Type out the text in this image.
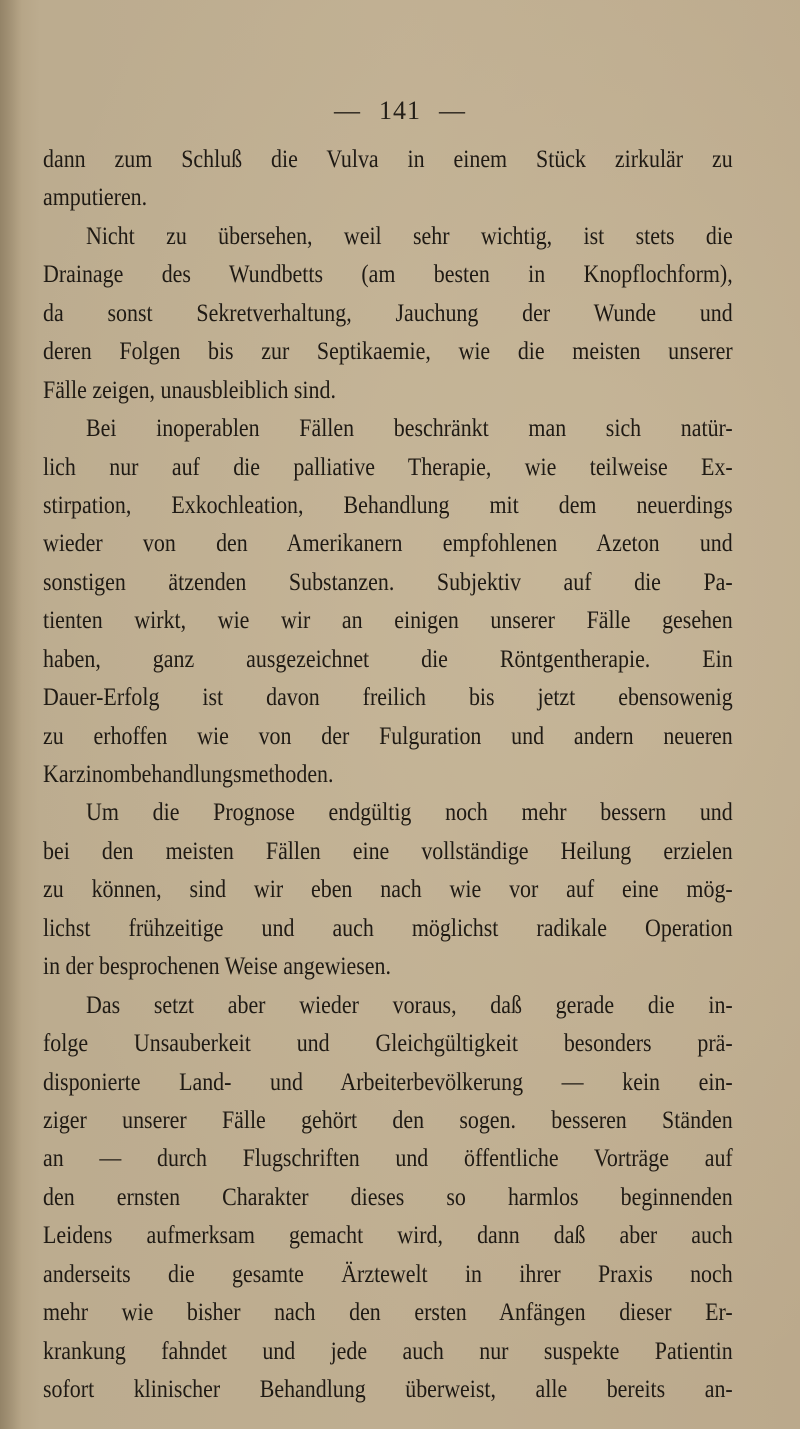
— 141 —
dann zum Schluß die Vulva in einem Stück zirkulär zu
amputieren.
Nicht zu übersehen, weil sehr wichtig, ist stets die
Drainage des Wundbetts (am besten in Knopflochform),
da sonst Sekretverhaltung, Jauchung der Wunde und
deren Folgen bis zur Septikaemie, wie die meisten unserer
Fälle zeigen, unausbleiblich sind.
Bei inoperablen Fällen beschränkt man sich natür-
lich nur auf die palliative Therapie, wie teilweise Ex-
stirpation, Exkochleation, Behandlung mit dem neuerdings
wieder von den Amerikanern empfohlenen Azeton und
sonstigen ätzenden Substanzen. Subjektiv auf die Pa-
tienten wirkt, wie wir an einigen unserer Fälle gesehen
haben, ganz ausgezeichnet die Röntgentherapie. Ein
Dauer-Erfolg ist davon freilich bis jetzt ebensowenig
zu erhoffen wie von der Fulguration und andern neueren
Karzinombehandlungsmethoden.
Um die Prognose endgültig noch mehr bessern und
bei den meisten Fällen eine vollständige Heilung erzielen
zu können, sind wir eben nach wie vor auf eine mög-
lichst frühzeitige und auch möglichst radikale Operation
in der besprochenen Weise angewiesen.
Das setzt aber wieder voraus, daß gerade die in-
folge Unsauberkeit und Gleichgültigkeit besonders prä-
disponierte Land- und Arbeiterbevölkerung — kein ein-
ziger unserer Fälle gehört den sogen. besseren Ständen
an — durch Flugschriften und öffentliche Vorträge auf
den ernsten Charakter dieses so harmlos beginnenden
Leidens aufmerksam gemacht wird, dann daß aber auch
anderseits die gesamte Ärztewelt in ihrer Praxis noch
mehr wie bisher nach den ersten Anfängen dieser Er-
krankung fahndet und jede auch nur suspekte Patientin
sofort klinischer Behandlung überweist, alle bereits an-
